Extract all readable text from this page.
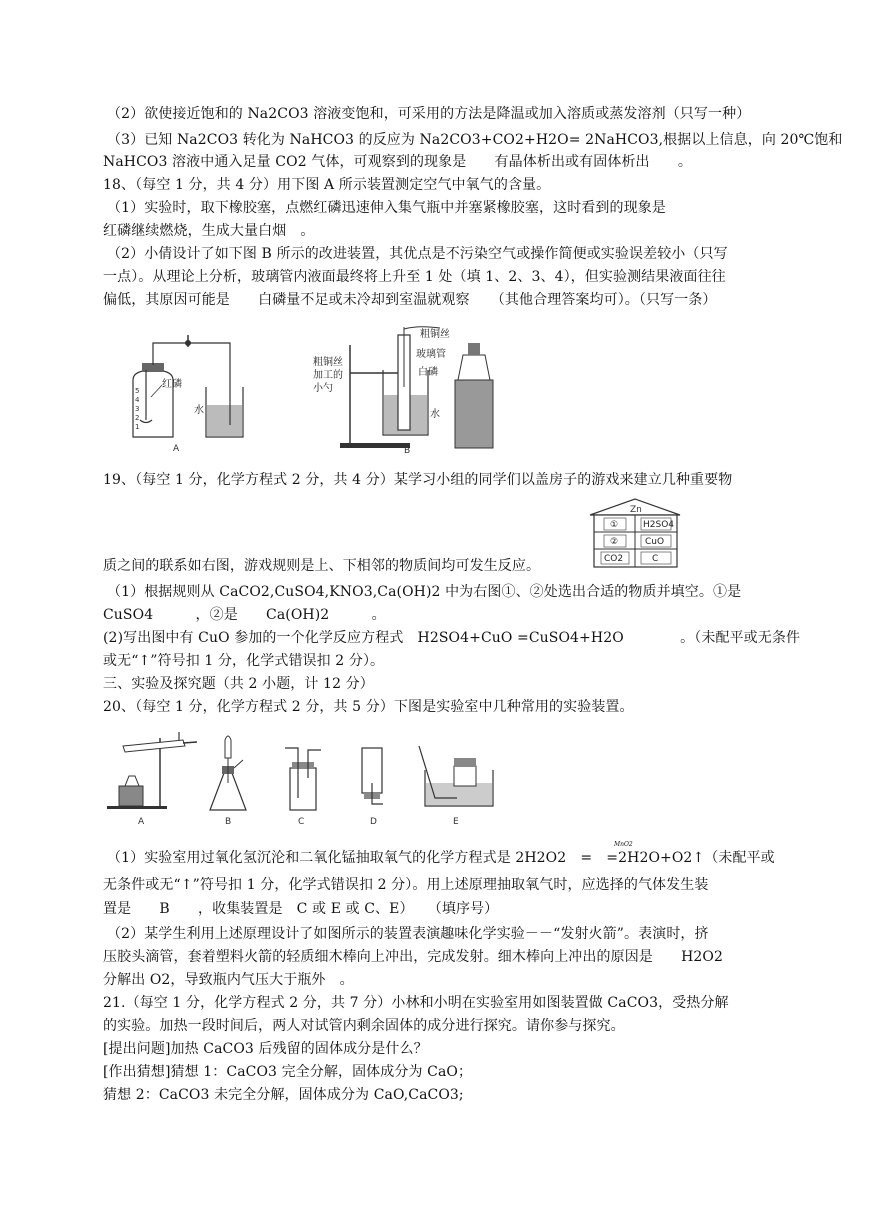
（2）欲使接近饱和的 Na2CO3 溶液变饱和，可采用的方法是降温或加入溶质或蒸发溶剂（只写一种）
（3）已知 Na2CO3 转化为 NaHCO3 的反应为 Na2CO3+CO2+H2O= 2NaHCO3,根据以上信息，向 20℃饱和
NaHCO3 溶液中通入足量 CO2 气体，可观察到的现象是　　有晶体析出或有固体析出　　。
18、（每空 1 分，共 4 分）用下图 A 所示装置测定空气中氧气的含量。
（1）实验时，取下橡胶塞，点燃红磷迅速伸入集气瓶中并塞紧橡胶塞，这时看到的现象是
红磷继续燃烧，生成大量白烟　。
（2）小倩设计了如下图 B 所示的改进装置，其优点是不污染空气或操作简便或实验误差较小（只写
一点）。从理论上分析，玻璃管内液面最终将上升至 1 处（填 1、2、3、4），但实验测结果液面往往
偏低，其原因可能是　　白磷量不足或未冷却到室温就观察　　（其他合理答案均可）。（只写一条）
5
4
3
2
1
红磷
水
A
粗铜丝
玻璃管
白磷
水
粗铜丝
加工的
小勺
B
19、（每空 1 分，化学方程式 2 分，共 4 分）某学习小组的同学们以盖房子的游戏来建立几种重要物
Zn
①	H2SO4
②	CuO
CO2	C
质之间的联系如右图，游戏规则是上、下相邻的物质间均可发生反应。
（1）根据规则从 CaCO2,CuSO4,KNO3,Ca(OH)2 中为右图①、②处选出合适的物质并填空。①是
CuSO4　　　，②是　　Ca(OH)2　　　。
(2)写出图中有 CuO 参加的一个化学反应方程式　H2SO4+CuO =CuSO4+H2O　　　　。（未配平或无条件
或无“↑”符号扣 1 分，化学式错误扣 2 分）。
三、实验及探究题（共 2 小题，计 12 分）
20、（每空 1 分，化学方程式 2 分，共 5 分）下图是实验室中几种常用的实验装置。
A	B	C	D	E
MnO2
（1）实验室用过氧化氢沉沦和二氧化锰抽取氧气的化学方程式是 2H2O2　=　=2H2O+O2↑（未配平或
无条件或无“↑”符号扣 1 分，化学式错误扣 2 分）。用上述原理抽取氧气时，应选择的气体发生装
置是　　B　　，收集装置是　C 或 E 或 C、E）　　（填序号）
（2）某学生利用上述原理设计了如图所示的装置表演趣味化学实验－－“发射火箭”。表演时，挤
压胶头滴管，套着塑料火箭的轻质细木棒向上冲出，完成发射。细木棒向上冲出的原因是　　H2O2
分解出 O2，导致瓶内气压大于瓶外　。
21.（每空 1 分，化学方程式 2 分，共 7 分）小林和小明在实验室用如图装置做 CaCO3，受热分解
的实验。加热一段时间后，两人对试管内剩余固体的成分进行探究。请你参与探究。
[提出问题]加热 CaCO3 后残留的固体成分是什么？
[作出猜想]猜想 1：CaCO3 完全分解，固体成分为 CaO；
猜想 2：CaCO3 未完全分解，固体成分为 CaO,CaCO3;
